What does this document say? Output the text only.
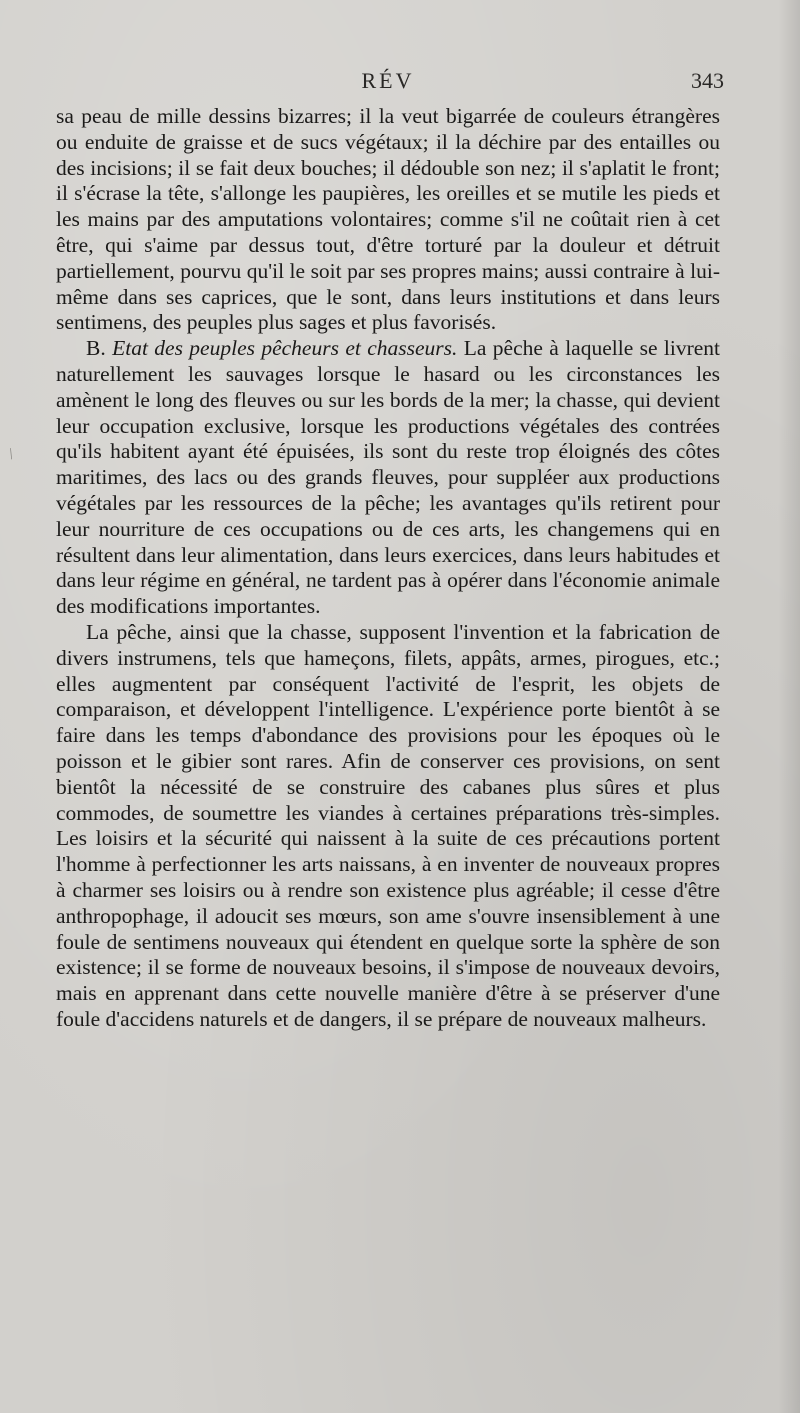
RÉV	343
/

sa peau de mille dessins bizarres; il la veut bigarrée de couleurs étrangères ou enduite de graisse et de sucs végétaux; il la déchire par des entailles ou des incisions; il se fait deux bouches; il dédouble son nez; il s'aplatit le front; il s'écrase la tête, s'allonge les paupières, les oreilles et se mutile les pieds et les mains par des amputations volontaires; comme s'il ne coûtait rien à cet être, qui s'aime par dessus tout, d'être torturé par la douleur et détruit partiellement, pourvu qu'il le soit par ses propres mains; aussi contraire à lui-même dans ses caprices, que le sont, dans leurs institutions et dans leurs sentimens, des peuples plus sages et plus favorisés.

B. Etat des peuples pêcheurs et chasseurs. La pêche à laquelle se livrent naturellement les sauvages lorsque le hasard ou les circonstances les amènent le long des fleuves ou sur les bords de la mer; la chasse, qui devient leur occupation exclusive, lorsque les productions végétales des contrées qu'ils habitent ayant été épuisées, ils sont du reste trop éloignés des côtes maritimes, des lacs ou des grands fleuves, pour suppléer aux productions végétales par les ressources de la pêche; les avantages qu'ils retirent pour leur nourriture de ces occupations ou de ces arts, les changemens qui en résultent dans leur alimentation, dans leurs exercices, dans leurs habitudes et dans leur régime en général, ne tardent pas à opérer dans l'économie animale des modifications importantes.

La pêche, ainsi que la chasse, supposent l'invention et la fabrication de divers instrumens, tels que hameçons, filets, appâts, armes, pirogues, etc.; elles augmentent par conséquent l'activité de l'esprit, les objets de comparaison, et développent l'intelligence. L'expérience porte bientôt à se faire dans les temps d'abondance des provisions pour les époques où le poisson et le gibier sont rares. Afin de conserver ces provisions, on sent bientôt la nécessité de se construire des cabanes plus sûres et plus commodes, de soumettre les viandes à certaines préparations très-simples. Les loisirs et la sécurité qui naissent à la suite de ces précautions portent l'homme à perfectionner les arts naissans, à en inventer de nouveaux propres à charmer ses loisirs ou à rendre son existence plus agréable; il cesse d'être anthropophage, il adoucit ses mœurs, son ame s'ouvre insensiblement à une foule de sentimens nouveaux qui étendent en quelque sorte la sphère de son existence; il se forme de nouveaux besoins, il s'impose de nouveaux devoirs, mais en apprenant dans cette nouvelle manière d'être à se préserver d'une foule d'accidens naturels et de dangers, il se prépare de nouveaux malheurs.
